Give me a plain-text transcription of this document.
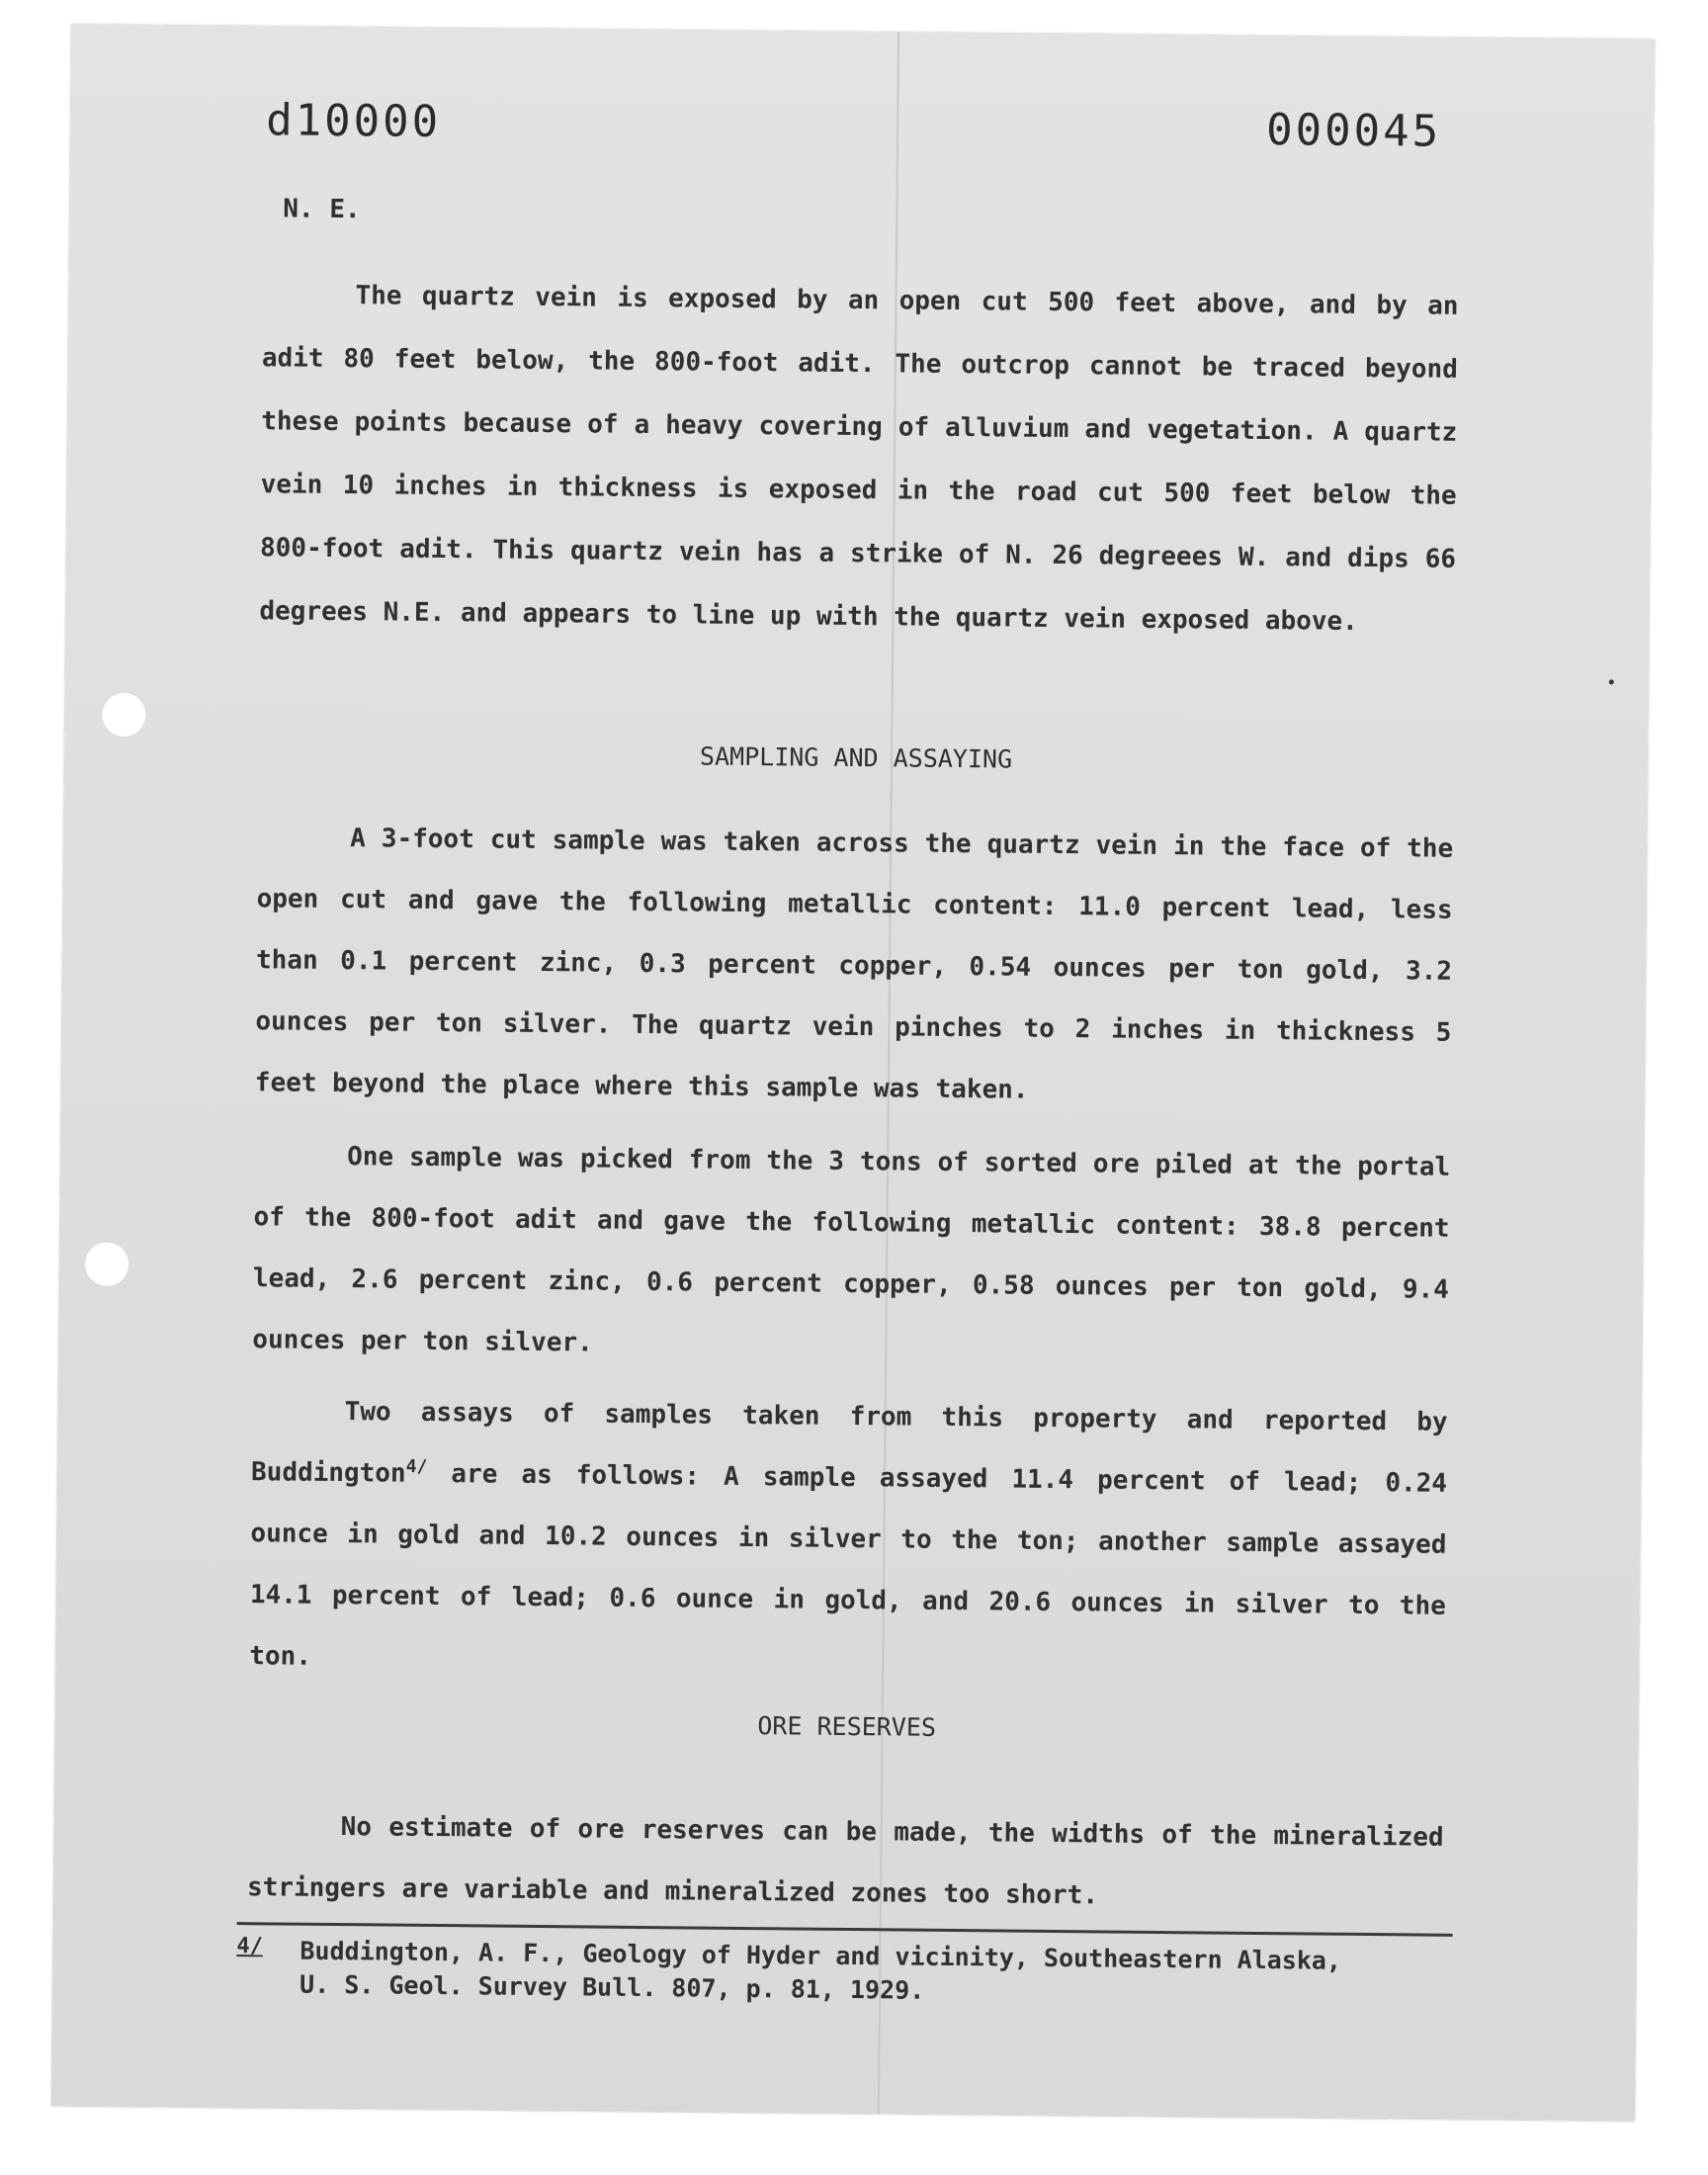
d10000	000045
N. E.

The quartz vein is exposed by an open cut 500 feet above, and by an adit 80 feet below, the 800-foot adit. The outcrop cannot be traced beyond these points because of a heavy covering of alluvium and vegetation. A quartz vein 10 inches in thickness is exposed in the road cut 500 feet below the 800-foot adit. This quartz vein has a strike of N. 26 degreees W. and dips 66 degrees N.E. and appears to line up with the quartz vein exposed above.

SAMPLING AND ASSAYING

A 3-foot cut sample was taken across the quartz vein in the face of the open cut and gave the following metallic content: 11.0 percent lead, less than 0.1 percent zinc, 0.3 percent copper, 0.54 ounces per ton gold, 3.2 ounces per ton silver. The quartz vein pinches to 2 inches in thickness 5 feet beyond the place where this sample was taken.

One sample was picked from the 3 tons of sorted ore piled at the portal of the 800-foot adit and gave the following metallic content: 38.8 percent lead, 2.6 percent zinc, 0.6 percent copper, 0.58 ounces per ton gold, 9.4 ounces per ton silver.

Two assays of samples taken from this property and reported by Buddington$^{4/}$ are as follows: A sample assayed 11.4 percent of lead; 0.24 ounce in gold and 10.2 ounces in silver to the ton; another sample assayed 14.1 percent of lead; 0.6 ounce in gold, and 20.6 ounces in silver to the ton.

ORE RESERVES

No estimate of ore reserves can be made, the widths of the mineralized stringers are variable and mineralized zones too short.

4/ Buddington, A. F., Geology of Hyder and vicinity, Southeastern Alaska,
U. S. Geol. Survey Bull. 807, p. 81, 1929.
